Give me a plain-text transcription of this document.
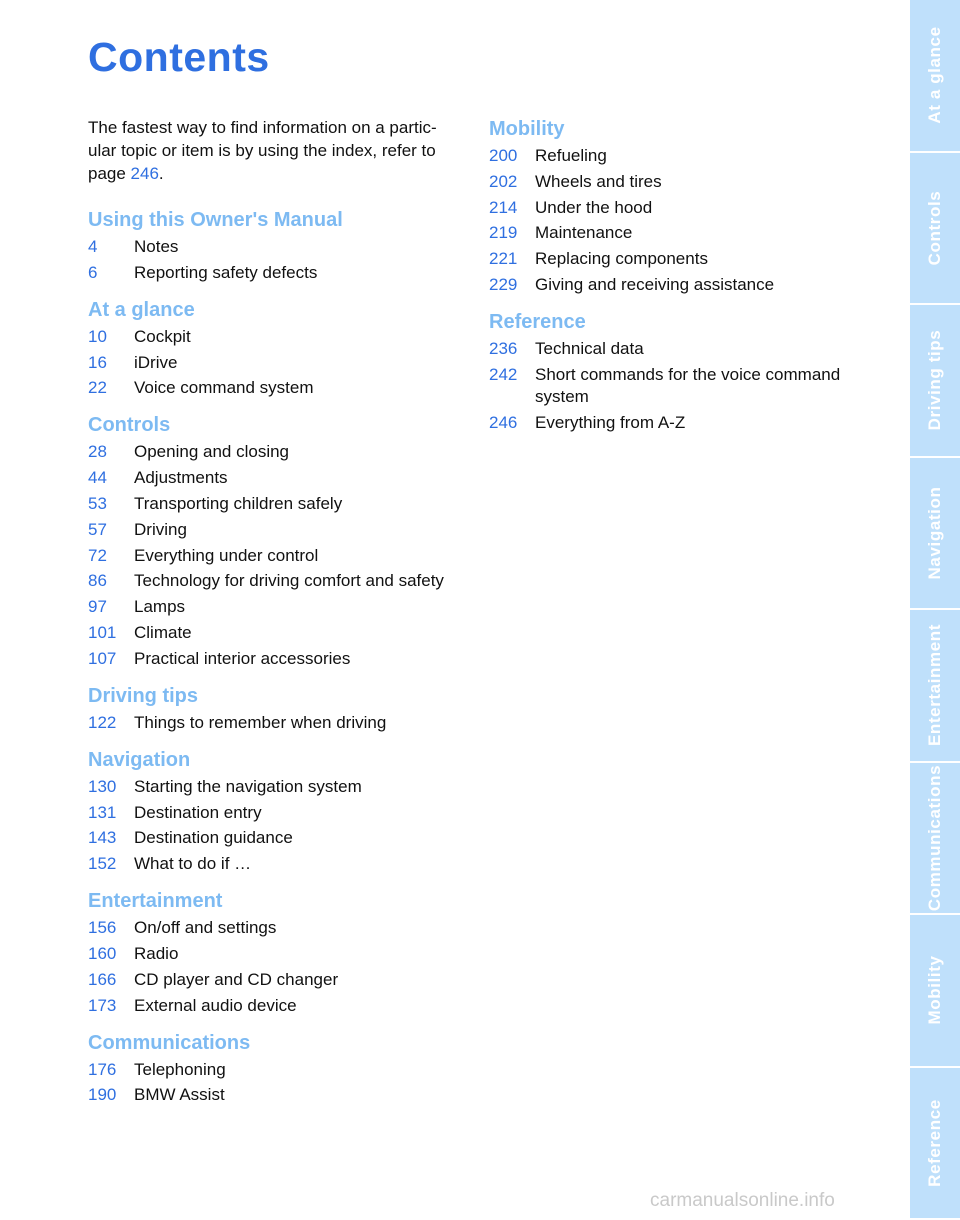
Contents

The fastest way to find information on a partic-
ular topic or item is by using the index, refer to
page 246.

Using this Owner's Manual
4	Notes
6	Reporting safety defects
At a glance
10	Cockpit
16	iDrive
22	Voice command system
Controls
28	Opening and closing
44	Adjustments
53	Transporting children safely
57	Driving
72	Everything under control
86	Technology for driving comfort and safety
97	Lamps
101	Climate
107	Practical interior accessories
Driving tips
122	Things to remember when driving
Navigation
130	Starting the navigation system
131	Destination entry
143	Destination guidance
152	What to do if …
Entertainment
156	On/off and settings
160	Radio
166	CD player and CD changer
173	External audio device
Communications
176	Telephoning
190	BMW Assist
Mobility
200	Refueling
202	Wheels and tires
214	Under the hood
219	Maintenance
221	Replacing components
229	Giving and receiving assistance
Reference
236	Technical data
242	Short commands for the voice command system
246	Everything from A-Z
At a glance
Controls
Driving tips
Navigation
Entertainment
Communications
Mobility
Reference
carmanualsonline.info
